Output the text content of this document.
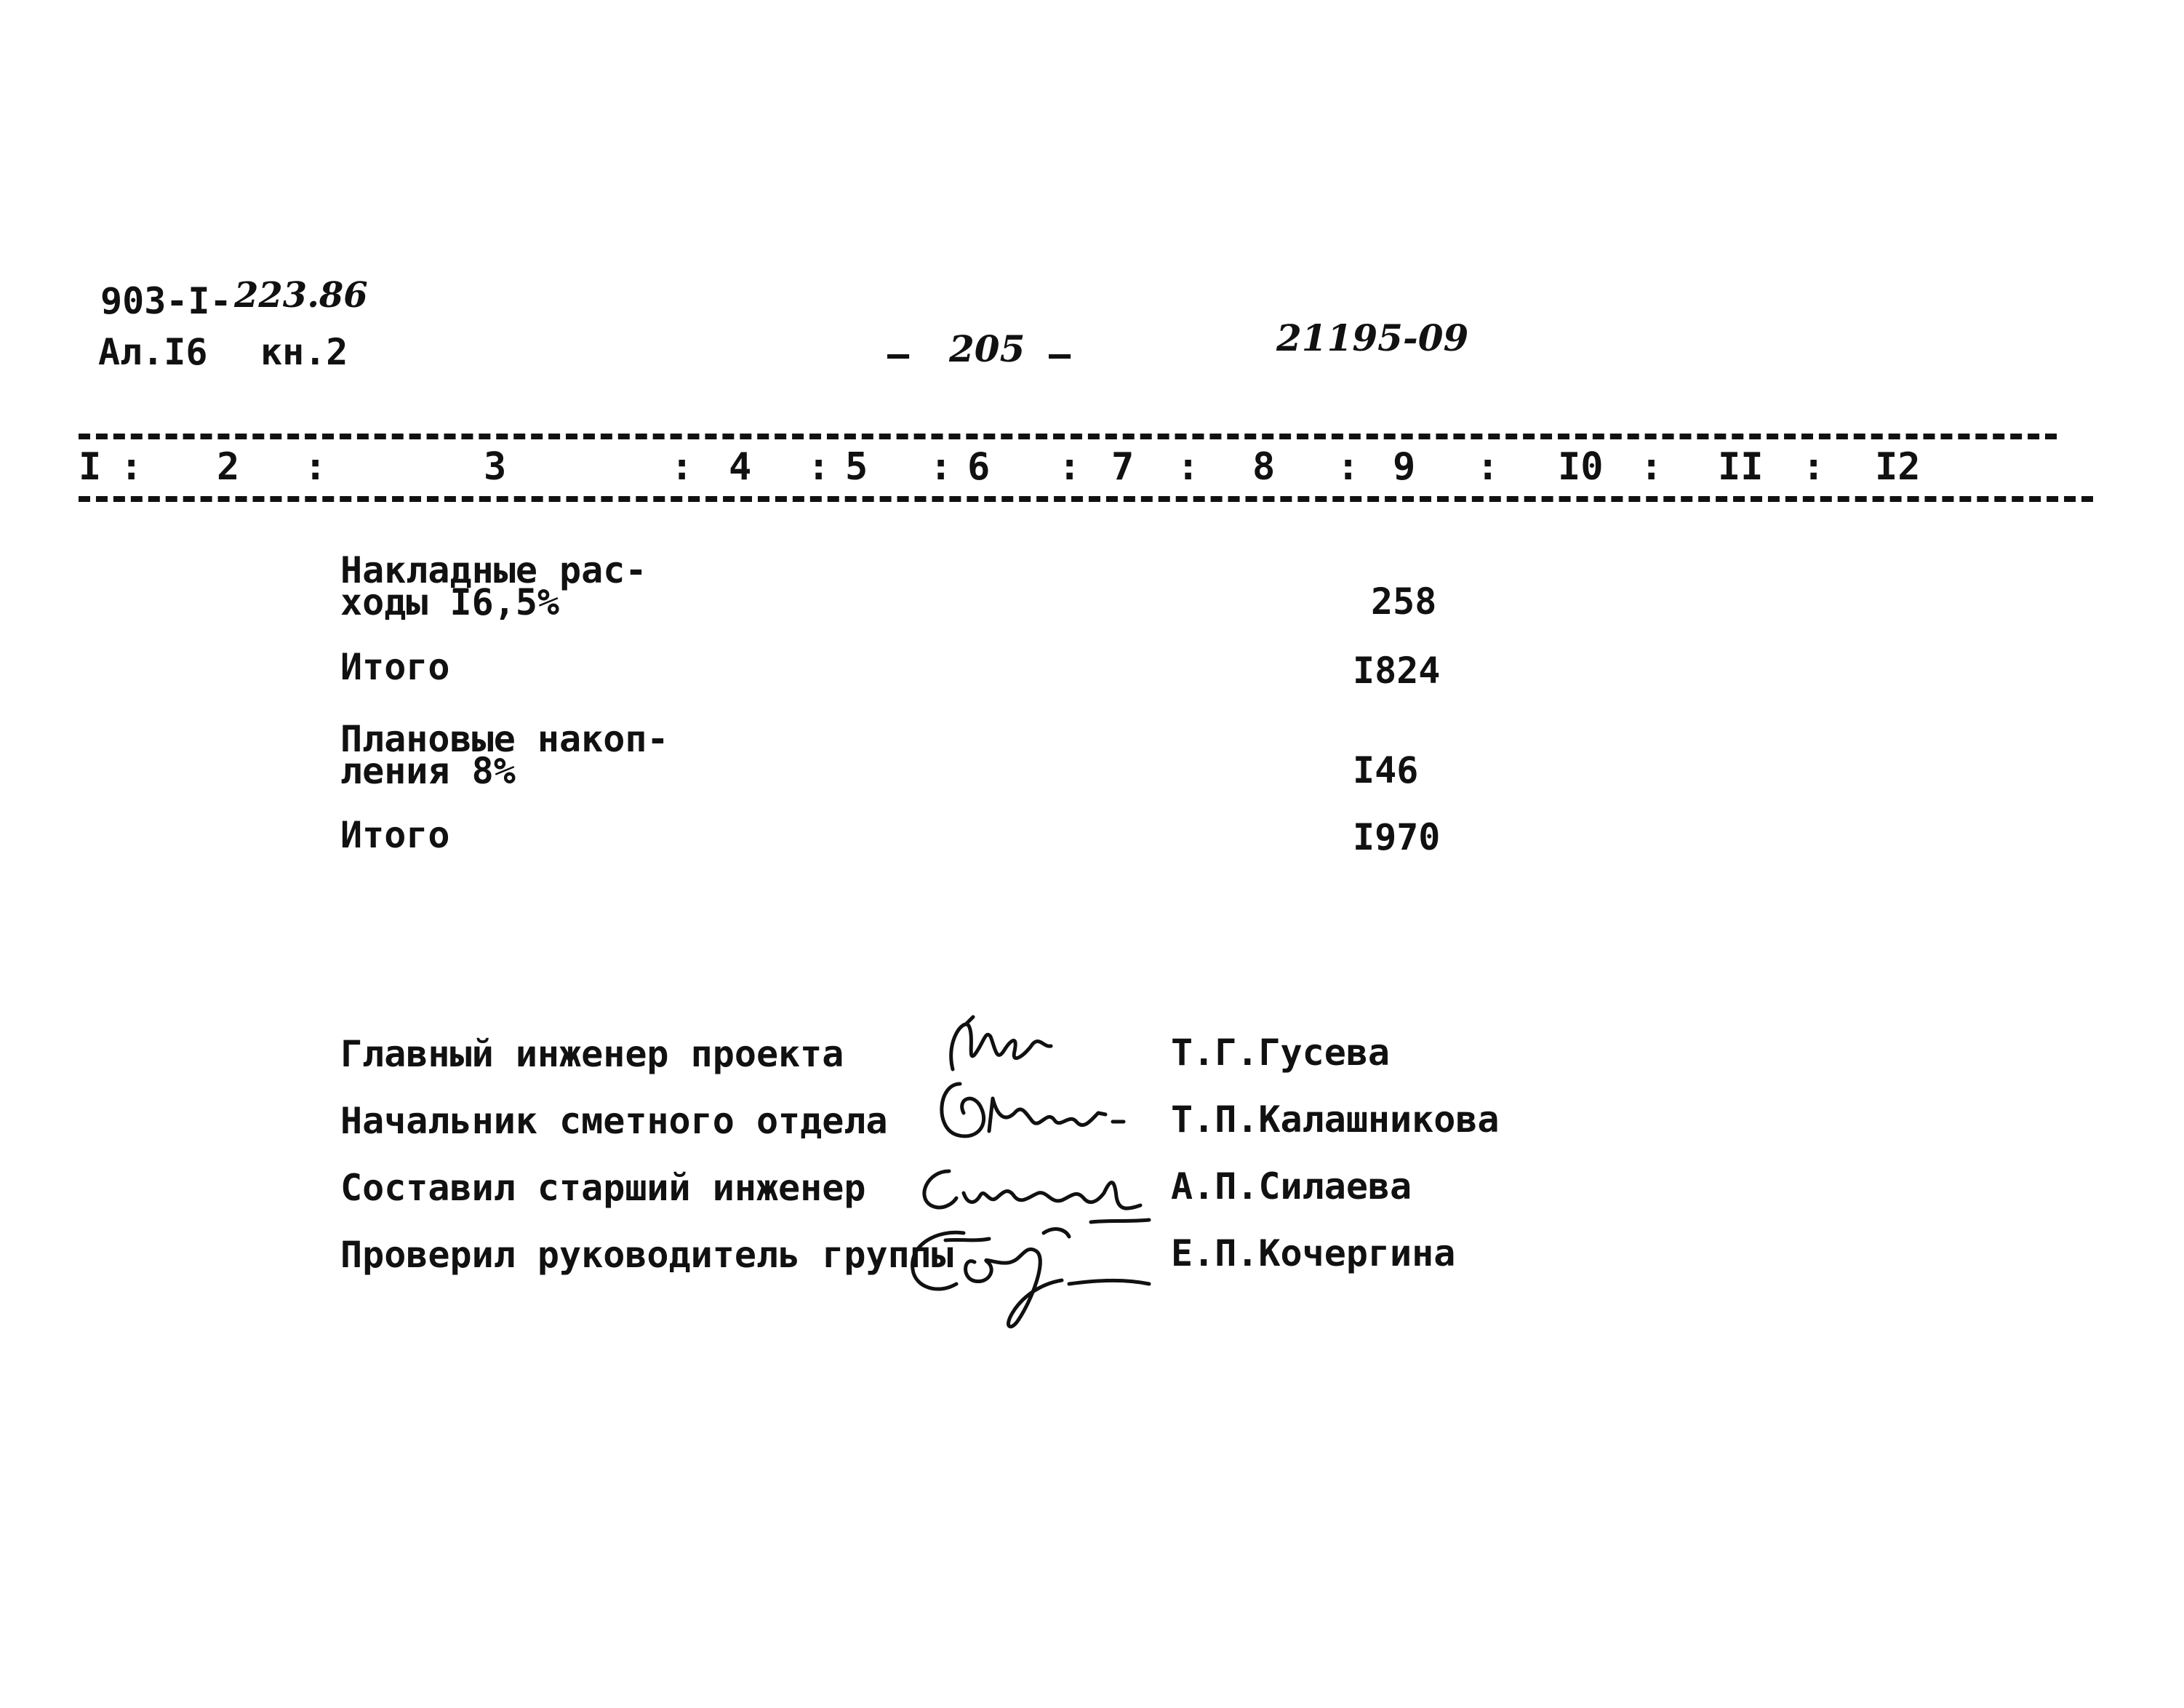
903-I- 223.86
Ал.I6 кн.2	– 205 –	21195-09
I : 2 :	3	: 4 : 5 : 6 : 7 : 8 : 9 : I0 : II : I2
Накладные рас-
ходы I6,5%	258
Итого	I824
Плановые накоп-
ления 8%	I46
Итого	I970
Главный инженер проекта	Т.Г.Гусева
Начальник сметного отдела	Т.П.Калашникова
Составил старший инженер	А.П.Силаева
Проверил руководитель группы	Е.П.Кочергина
